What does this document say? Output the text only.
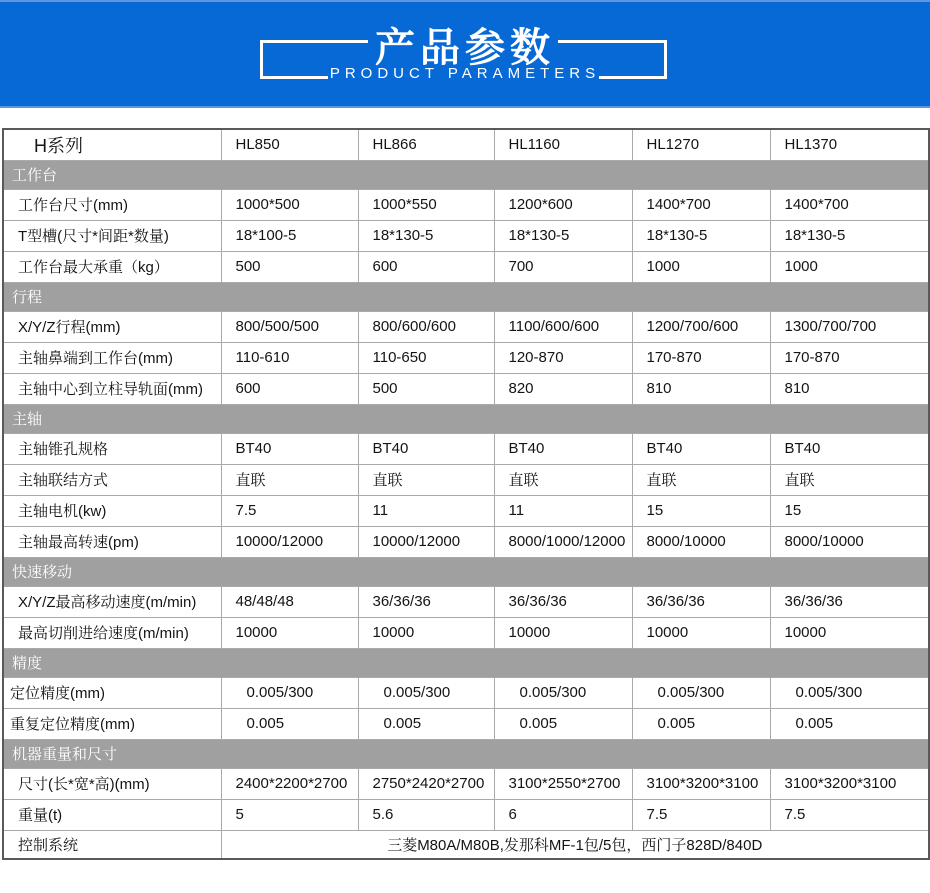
产品参数
PRODUCT PARAMETERS
H系列	HL850	HL866	HL1160	HL1270	HL1370
工作台					
工作台尺寸(mm)	1000*500	1000*550	1200*600	1400*700	1400*700
T型槽(尺寸*间距*数量)	18*100-5	18*130-5	18*130-5	18*130-5	18*130-5
工作台最大承重（kg）	500	600	700	1000	1000
行程					
X/Y/Z行程(mm)	800/500/500	800/600/600	1100/600/600	1200/700/600	1300/700/700
主轴鼻端到工作台(mm)	110-610	110-650	120-870	170-870	170-870
主轴中心到立柱导轨面(mm)	600	500	820	810	810
主轴					
主轴锥孔规格	BT40	BT40	BT40	BT40	BT40
主轴联结方式	直联	直联	直联	直联	直联
主轴电机(kw)	7.5	11	11	15	15
主轴最高转速(pm)	10000/12000	10000/12000	8000/1000/12000	8000/10000	8000/10000
快速移动					
X/Y/Z最高移动速度(m/min)	48/48/48	36/36/36	36/36/36	36/36/36	36/36/36
最高切削进给速度(m/min)	10000	10000	10000	10000	10000
精度					
定位精度(mm)	0.005/300	0.005/300	0.005/300	0.005/300	0.005/300
重复定位精度(mm)	0.005	0.005	0.005	0.005	0.005
机器重量和尺寸					
尺寸(长*宽*高)(mm)	2400*2200*2700	2750*2420*2700	3100*2550*2700	3100*3200*3100	3100*3200*3100
重量(t)	5	5.6	6	7.5	7.5
控制系统	三菱M80A/M80B,发那科MF-1包/5包，西门子828D/840D				
